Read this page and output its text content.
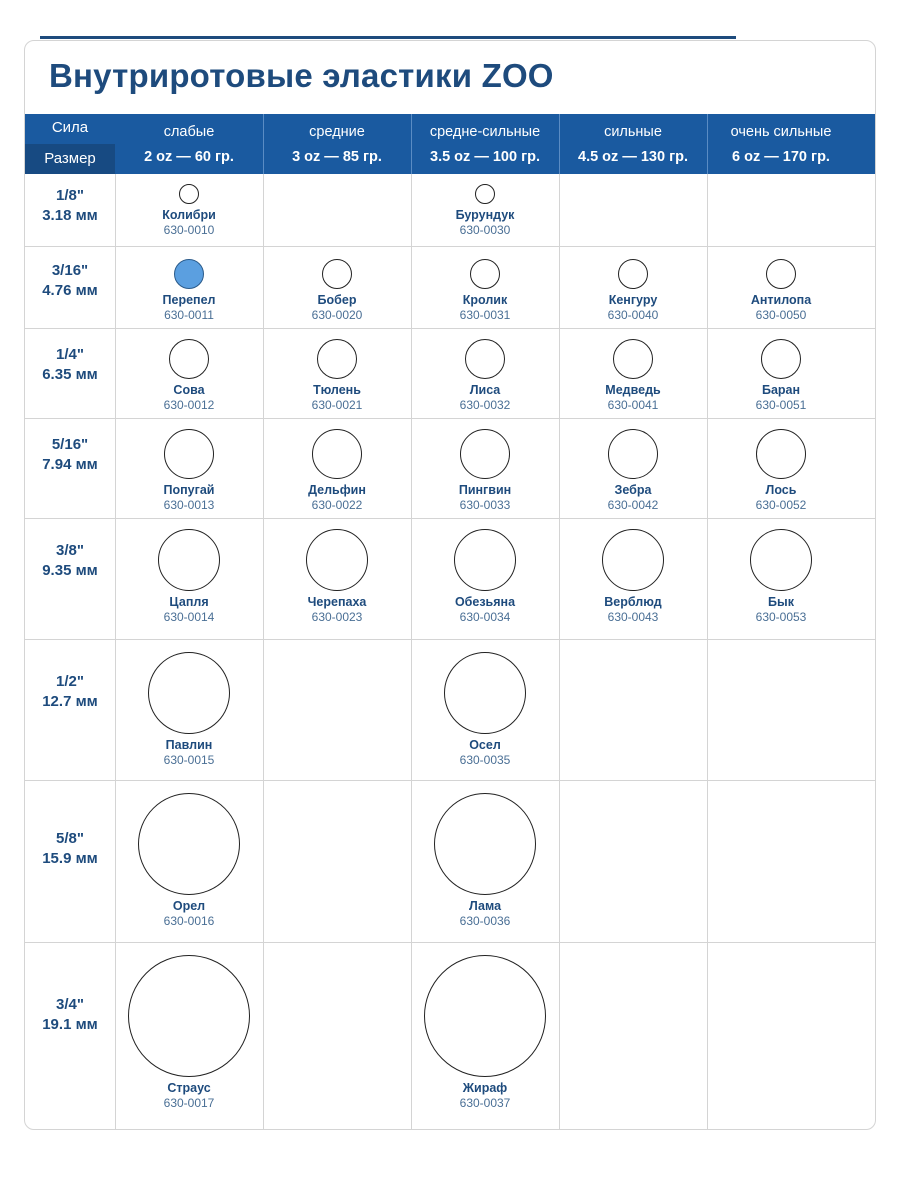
Внутриротовые эластики ZOO
Сила
Размер
слабые
2 oz — 60 гр.
средние
3 oz — 85 гр.
средне-сильные
3.5 oz — 100 гр.
сильные
4.5 oz — 130 гр.
очень сильные
6 oz — 170 гр.
1/8"
3.18 мм	Колибри
630-0010
Бурундук
630-0030
3/16"
4.76 мм
Перепел
630-0011
Бобер
630-0020
Кролик
630-0031
Кенгуру
630-0040
Антилопа
630-0050
1/4"
6.35 мм
Сова
630-0012
Тюлень
630-0021
Лиса
630-0032
Медведь
630-0041
Баран
630-0051
5/16"
7.94 мм
Попугай
630-0013
Дельфин
630-0022
Пингвин
630-0033
Зебра
630-0042
Лось
630-0052
3/8"
9.35 мм
Цапля
630-0014
Черепаха
630-0023
Обезьяна
630-0034
Верблюд
630-0043
Бык
630-0053
1/2"
12.7 мм
Павлин
630-0015
Осел
630-0035
5/8"
15.9 мм
Орел
630-0016
Лама
630-0036
3/4"
19.1 мм
Страус
630-0017
Жираф
630-0037
